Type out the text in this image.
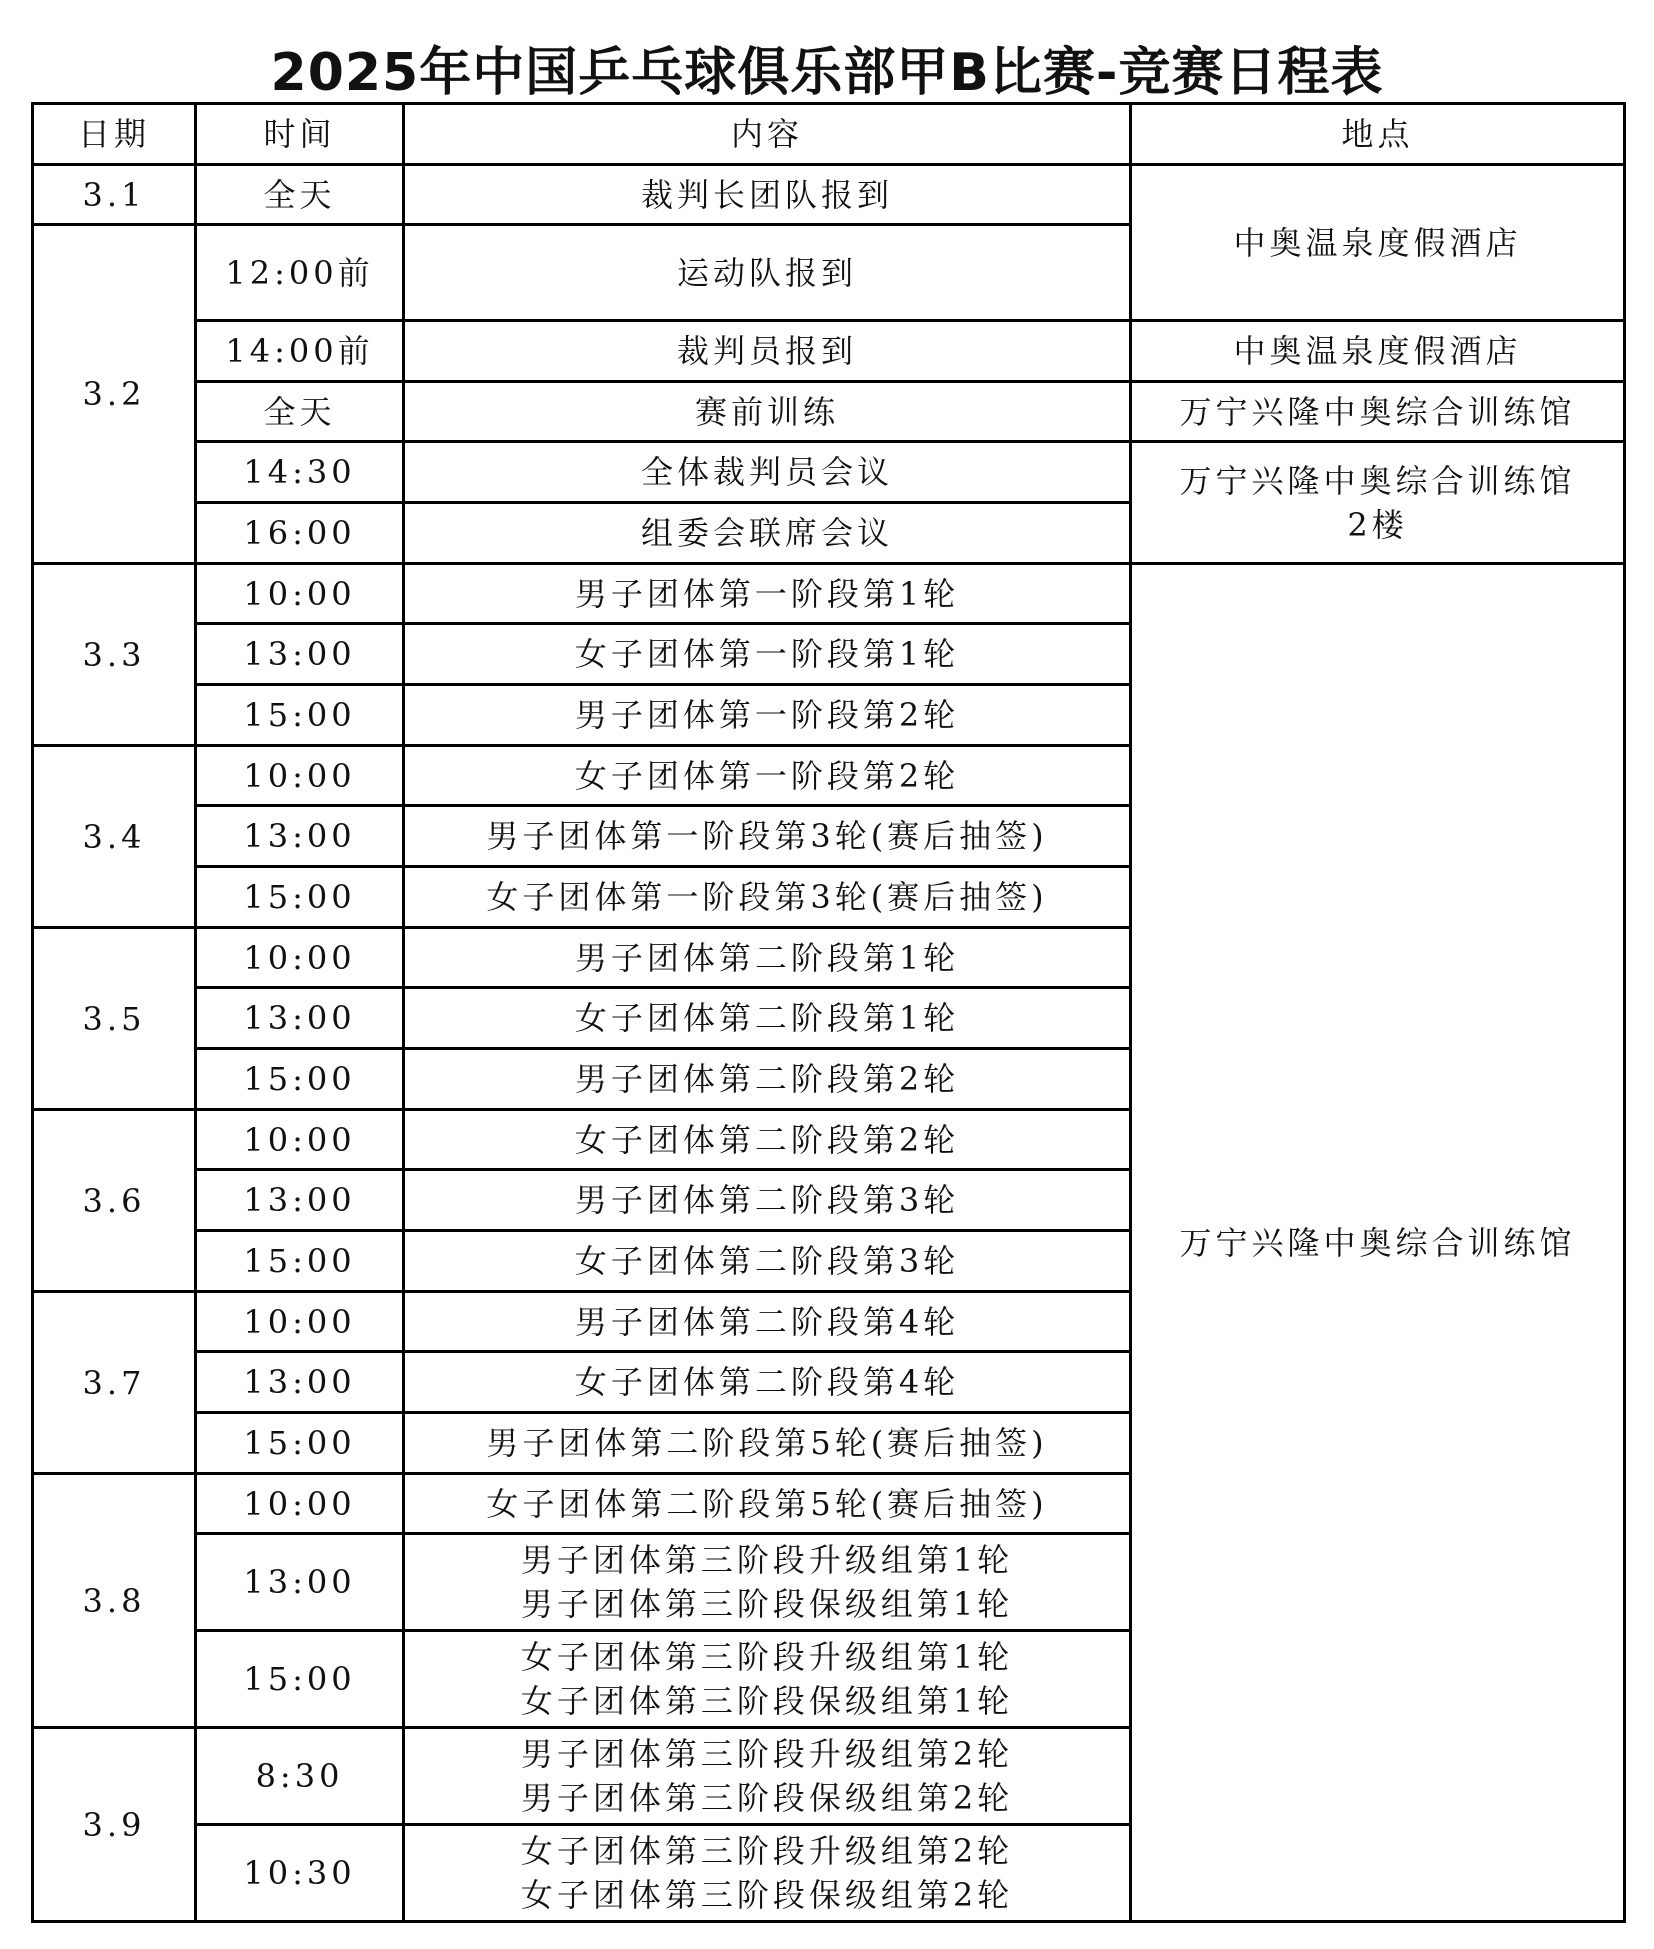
2025年中国乒乓球俱乐部甲B比赛-竞赛日程表
日期	时间	内容	地点
3.1	全天	裁判长团队报到	中奥温泉度假酒店
3.2	12:00前	运动队报到	
	14:00前	裁判员报到	中奥温泉度假酒店
	全天	赛前训练	万宁兴隆中奥综合训练馆
	14:30	全体裁判员会议	万宁兴隆中奥综合训练馆
2楼

	16:00	组委会联席会议	
3.3	10:00	男子团体第一阶段第1轮	万宁兴隆中奥综合训练馆
	13:00	女子团体第一阶段第1轮	
	15:00	男子团体第一阶段第2轮	
3.4	10:00	女子团体第一阶段第2轮	
	13:00	男子团体第一阶段第3轮(赛后抽签)	
	15:00	女子团体第一阶段第3轮(赛后抽签)	
3.5	10:00	男子团体第二阶段第1轮	
	13:00	女子团体第二阶段第1轮	
	15:00	男子团体第二阶段第2轮	
3.6	10:00	女子团体第二阶段第2轮	
	13:00	男子团体第二阶段第3轮	
	15:00	女子团体第二阶段第3轮	
3.7	10:00	男子团体第二阶段第4轮	
	13:00	女子团体第二阶段第4轮	
	15:00	男子团体第二阶段第5轮(赛后抽签)	
3.8	10:00	女子团体第二阶段第5轮(赛后抽签)	
	13:00	男子团体第三阶段升级组第1轮
男子团体第三阶段保级组第1轮	

	15:00	女子团体第三阶段升级组第1轮
女子团体第三阶段保级组第1轮	

3.9	8:30	男子团体第三阶段升级组第2轮
男子团体第三阶段保级组第2轮	

	10:30	女子团体第三阶段升级组第2轮
女子团体第三阶段保级组第2轮	
